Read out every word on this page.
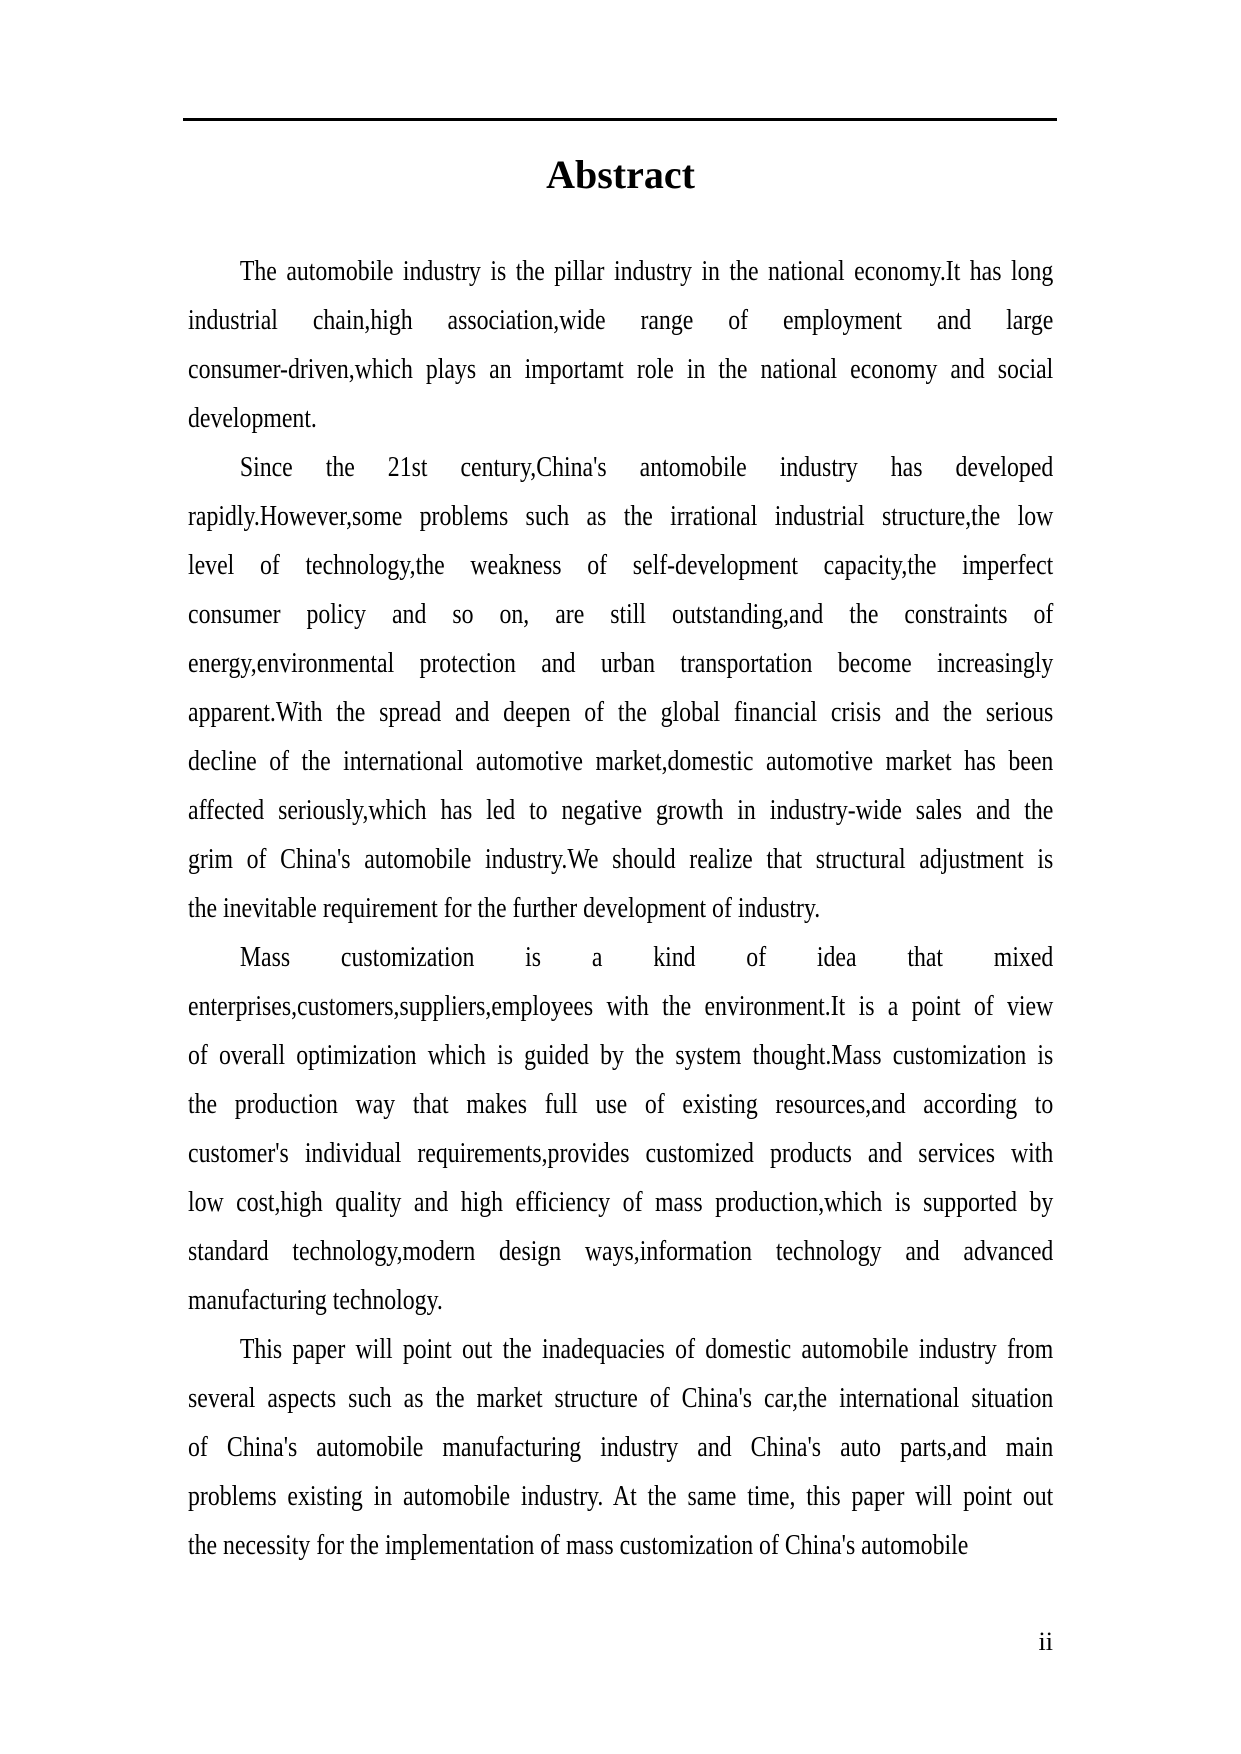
Abstract

The automobile industry is the pillar industry in the national economy.It has long
industrial chain,high association,wide range of employment and large
consumer-driven,which plays an importamt role in the national economy and social
development.

Since the 21st century,China's antomobile industry has developed
rapidly.However,some problems such as the irrational industrial structure,the low
level of technology,the weakness of self-development capacity,the imperfect
consumer policy and so on, are still outstanding,and the constraints of
energy,environmental protection and urban transportation become increasingly
apparent.With the spread and deepen of the global financial crisis and the serious
decline of the international automotive market,domestic automotive market has been
affected seriously,which has led to negative growth in industry-wide sales and the
grim of China's automobile industry.We should realize that structural adjustment is
the inevitable requirement for the further development of industry.

Mass customization is a kind of idea that mixed
enterprises,customers,suppliers,employees with the environment.It is a point of view
of overall optimization which is guided by the system thought.Mass customization is
the production way that makes full use of existing resources,and according to
customer's individual requirements,provides customized products and services with
low cost,high quality and high efficiency of mass production,which is supported by
standard technology,modern design ways,information technology and advanced
manufacturing technology.

This paper will point out the inadequacies of domestic automobile industry from
several aspects such as the market structure of China's car,the international situation
of China's automobile manufacturing industry and China's auto parts,and main
problems existing in automobile industry. At the same time, this paper will point out
the necessity for the implementation of mass customization of China's automobile

ii
